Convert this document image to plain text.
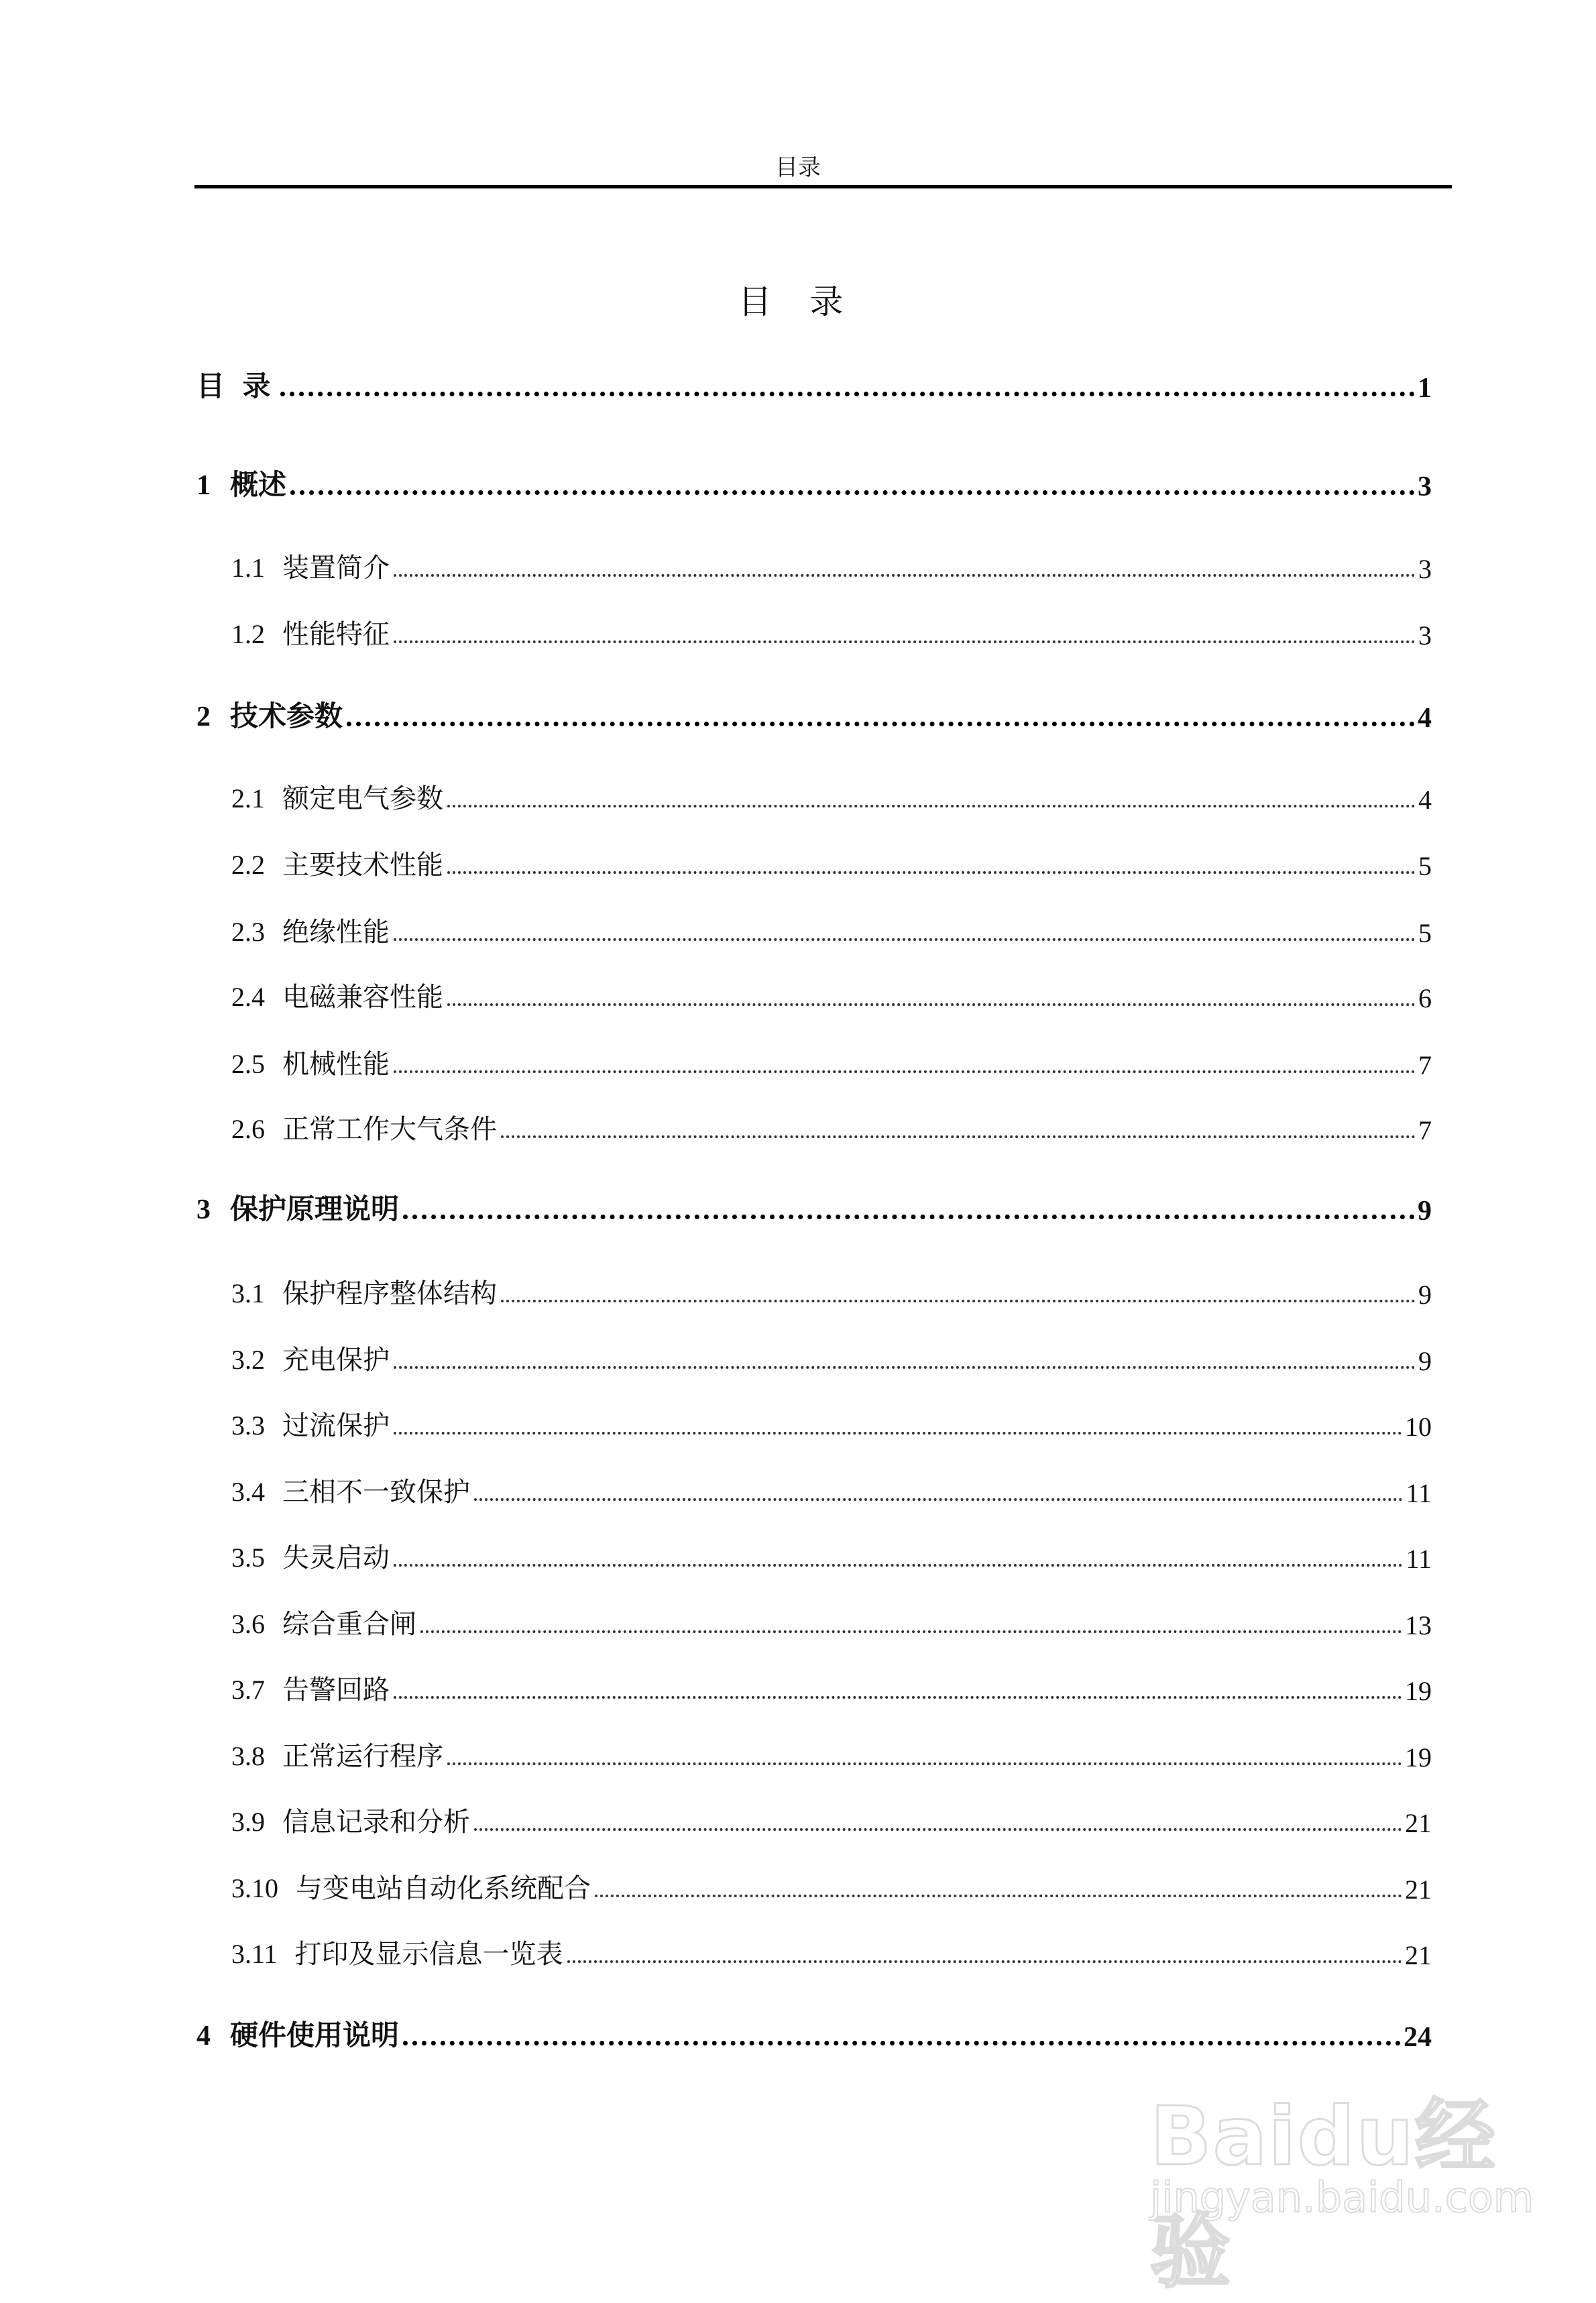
目录
目 录
目 录	1
1 概述	3
1.1 装置简介	3
1.2 性能特征	3
2 技术参数	4
2.1 额定电气参数	4
2.2 主要技术性能	5
2.3 绝缘性能	5
2.4 电磁兼容性能	6
2.5 机械性能	7
2.6 正常工作大气条件	7
3 保护原理说明	9
3.1 保护程序整体结构	9
3.2 充电保护	9
3.3 过流保护	10
3.4 三相不一致保护	11
3.5 失灵启动	11
3.6 综合重合闸	13
3.7 告警回路	19
3.8 正常运行程序	19
3.9 信息记录和分析	21
3.10 与变电站自动化系统配合	21
3.11 打印及显示信息一览表	21
4 硬件使用说明	24
Baidu经验
jingyan.baidu.com
